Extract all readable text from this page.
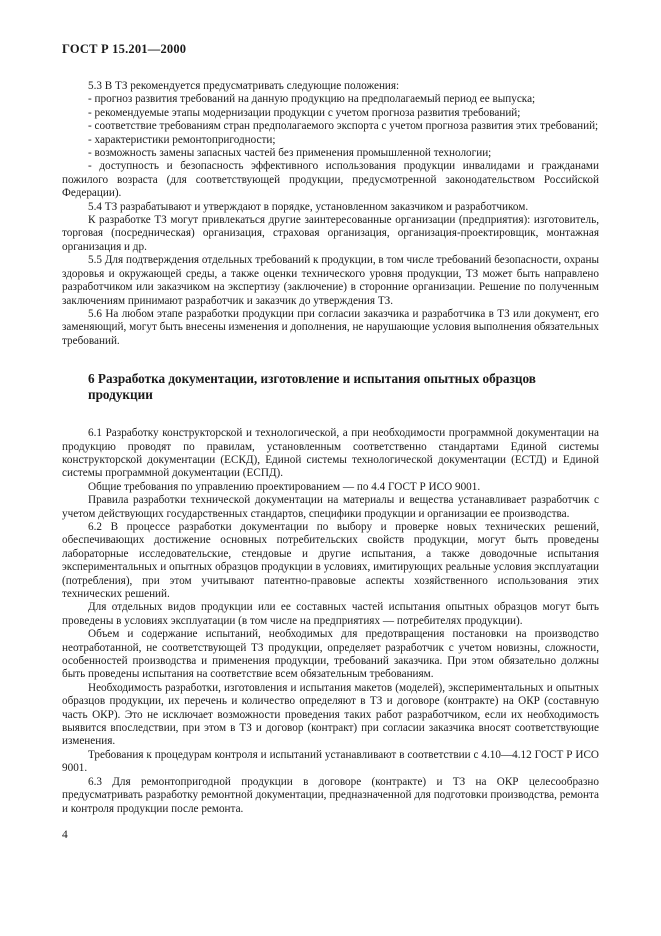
ГОСТ Р 15.201—2000

5.3 В ТЗ рекомендуется предусматривать следующие положения:

- прогноз развития требований на данную продукцию на предполагаемый период ее выпуска;

- рекомендуемые этапы модернизации продукции с учетом прогноза развития требований;

- соответствие требованиям стран предполагаемого экспорта с учетом прогноза развития этих требований;

- характеристики ремонтопригодности;

- возможность замены запасных частей без применения промышленной технологии;

- доступность и безопасность эффективного использования продукции инвалидами и гражданами пожилого возраста (для соответствующей продукции, предусмотренной законодательством Российской Федерации).

5.4 ТЗ разрабатывают и утверждают в порядке, установленном заказчиком и разработчиком.

К разработке ТЗ могут привлекаться другие заинтересованные организации (предприятия): изготовитель, торговая (посредническая) организация, страховая организация, организация-проектировщик, монтажная организация и др.

5.5 Для подтверждения отдельных требований к продукции, в том числе требований безопасности, охраны здоровья и окружающей среды, а также оценки технического уровня продукции, ТЗ может быть направлено разработчиком или заказчиком на экспертизу (заключение) в сторонние организации. Решение по полученным заключениям принимают разработчик и заказчик до утверждения ТЗ.

5.6 На любом этапе разработки продукции при согласии заказчика и разработчика в ТЗ или документ, его заменяющий, могут быть внесены изменения и дополнения, не нарушающие условия выполнения обязательных требований.

6 Разработка документации, изготовление и испытания опытных образцов продукции

6.1 Разработку конструкторской и технологической, а при необходимости программной документации на продукцию проводят по правилам, установленным соответственно стандартами Единой системы конструкторской документации (ЕСКД), Единой системы технологической документации (ЕСТД) и Единой системы программной документации (ЕСПД).

Общие требования по управлению проектированием — по 4.4 ГОСТ Р ИСО 9001.

Правила разработки технической документации на материалы и вещества устанавливает разработчик с учетом действующих государственных стандартов, специфики продукции и организации ее производства.

6.2 В процессе разработки документации по выбору и проверке новых технических решений, обеспечивающих достижение основных потребительских свойств продукции, могут быть проведены лабораторные исследовательские, стендовые и другие испытания, а также доводочные испытания экспериментальных и опытных образцов продукции в условиях, имитирующих реальные условия эксплуатации (потребления), при этом учитывают патентно-правовые аспекты хозяйственного использования этих технических решений.

Для отдельных видов продукции или ее составных частей испытания опытных образцов могут быть проведены в условиях эксплуатации (в том числе на предприятиях — потребителях продукции).

Объем и содержание испытаний, необходимых для предотвращения постановки на производство неотработанной, не соответствующей ТЗ продукции, определяет разработчик с учетом новизны, сложности, особенностей производства и применения продукции, требований заказчика. При этом обязательно должны быть проведены испытания на соответствие всем обязательным требованиям.

Необходимость разработки, изготовления и испытания макетов (моделей), экспериментальных и опытных образцов продукции, их перечень и количество определяют в ТЗ и договоре (контракте) на ОКР (составную часть ОКР). Это не исключает возможности проведения таких работ разработчиком, если их необходимость выявится впоследствии, при этом в ТЗ и договор (контракт) при согласии заказчика вносят соответствующие изменения.

Требования к процедурам контроля и испытаний устанавливают в соответствии с 4.10—4.12 ГОСТ Р ИСО 9001.

6.3 Для ремонтопригодной продукции в договоре (контракте) и ТЗ на ОКР целесообразно предусматривать разработку ремонтной документации, предназначенной для подготовки производства, ремонта и контроля продукции после ремонта.

4
